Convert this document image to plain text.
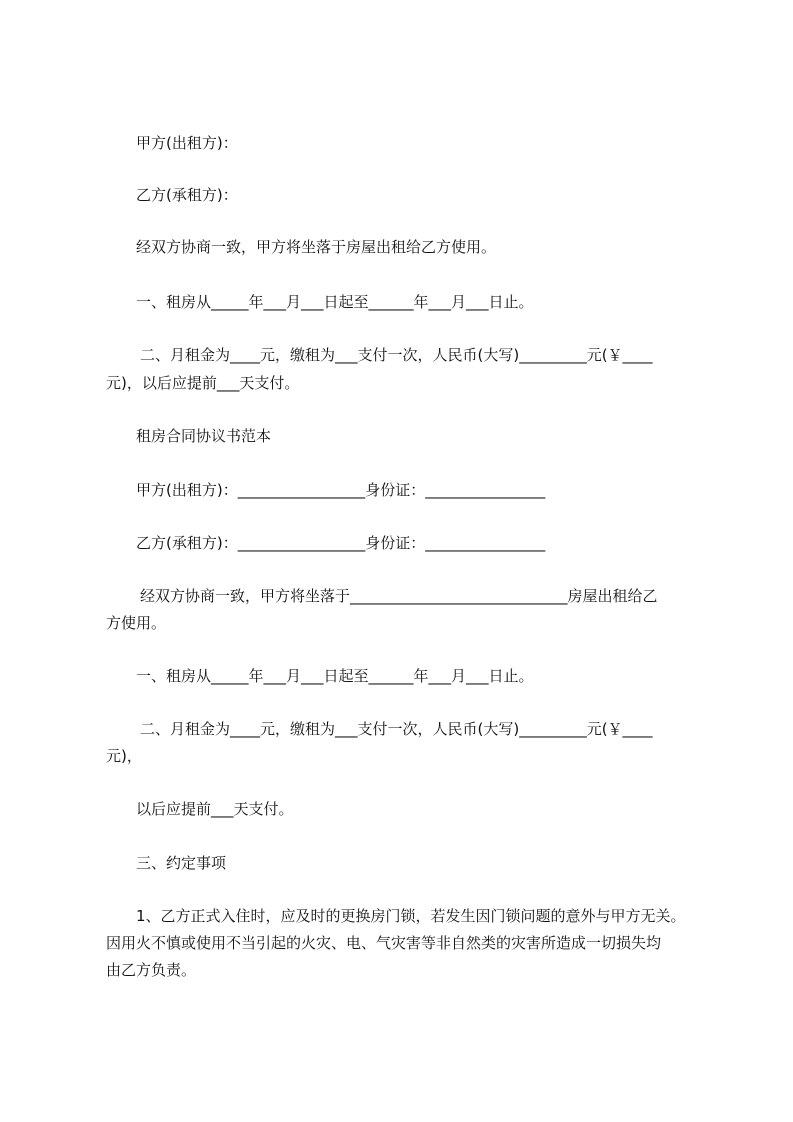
甲方(出租方)：
乙方(承租方)：
经双方协商一致，甲方将坐落于房屋出租给乙方使用。
一、租房从_____年___月___日起至______年___月___日止。
二、月租金为____元，缴租为___支付一次，人民币(大写)_________元(￥____
元)，以后应提前___天支付。
租房合同协议书范本
甲方(出租方)：_________________身份证：________________
乙方(承租方)：_________________身份证：________________
经双方协商一致，甲方将坐落于_____________________________房屋出租给乙
方使用。
一、租房从_____年___月___日起至______年___月___日止。
二、月租金为____元，缴租为___支付一次，人民币(大写)_________元(￥____
元)，
以后应提前___天支付。
三、约定事项
1、乙方正式入住时，应及时的更换房门锁，若发生因门锁问题的意外与甲方无关。
因用火不慎或使用不当引起的火灾、电、气灾害等非自然类的灾害所造成一切损失均
由乙方负责。
